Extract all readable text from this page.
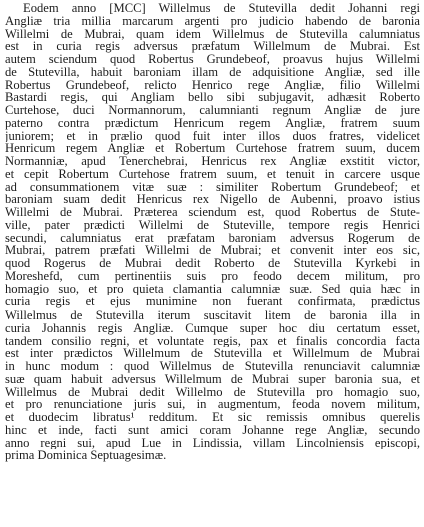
Eodem anno [MCC] Willelmus de Stutevilla dedit Johanni regi
Angliæ tria millia marcarum argenti pro judicio habendo de baronia
Willelmi de Mubrai, quam idem Willelmus de Stutevilla calumniatus
est in curia regis adversus præfatum Willelmum de Mubrai. Est
autem sciendum quod Robertus Grundebeof, proavus hujus Willelmi
de Stutevilla, habuit baroniam illam de adquisitione Angliæ, sed ille
Robertus Grundebeof, relicto Henrico rege Angliæ, filio Willelmi
Bastardi regis, qui Angliam bello sibi subjugavit, adhæsit Roberto
Curtehose, duci Normannorum, calumnianti regnum Angliæ de jure
paterno contra prædictum Henricum regem Angliæ, fratrem suum
juniorem; et in prælio quod fuit inter illos duos fratres, videlicet
Henricum regem Angliæ et Robertum Curtehose fratrem suum, ducem
Normanniæ, apud Tenerchebrai, Henricus rex Angliæ exstitit victor,
et cepit Robertum Curtehose fratrem suum, et tenuit in carcere usque
ad consummationem vitæ suæ : similiter Robertum Grundebeof; et
baroniam suam dedit Henricus rex Nigello de Aubenni, proavo istius
Willelmi de Mubrai. Præterea sciendum est, quod Robertus de Stute-
ville, pater prædicti Willelmi de Stuteville, tempore regis Henrici
secundi, calumniatus erat præfatam baroniam adversus Rogerum de
Mubrai, patrem præfati Willelmi de Mubrai; et convenit inter eos sic,
quod Rogerus de Mubrai dedit Roberto de Stutevilla Kyrkebi in
Moreshefd, cum pertinentiis suis pro feodo decem militum, pro
homagio suo, et pro quieta clamantia calumniæ suæ. Sed quia hæc in
curia regis et ejus munimine non fuerant confirmata, prædictus
Willelmus de Stutevilla iterum suscitavit litem de baronia illa in
curia Johannis regis Angliæ. Cumque super hoc diu certatum esset,
tandem consilio regni, et voluntate regis, pax et finalis concordia facta
est inter prædictos Willelmum de Stutevilla et Willelmum de Mubrai
in hunc modum : quod Willelmus de Stutevilla renunciavit calumniæ
suæ quam habuit adversus Willelmum de Mubrai super baronia sua, et
Willelmus de Mubrai dedit Willelmo de Stutevilla pro homagio suo,
et pro renunciatione juris sui, in augmentum, feoda novem militum,
et duodecim libratus¹ redditum. Et sic remissis omnibus querelis
hinc et inde, facti sunt amici coram Johanne rege Angliæ, secundo
anno regni sui, apud Lue in Lindissia, villam Lincolniensis episcopi,
prima Dominica Septuagesimæ.
